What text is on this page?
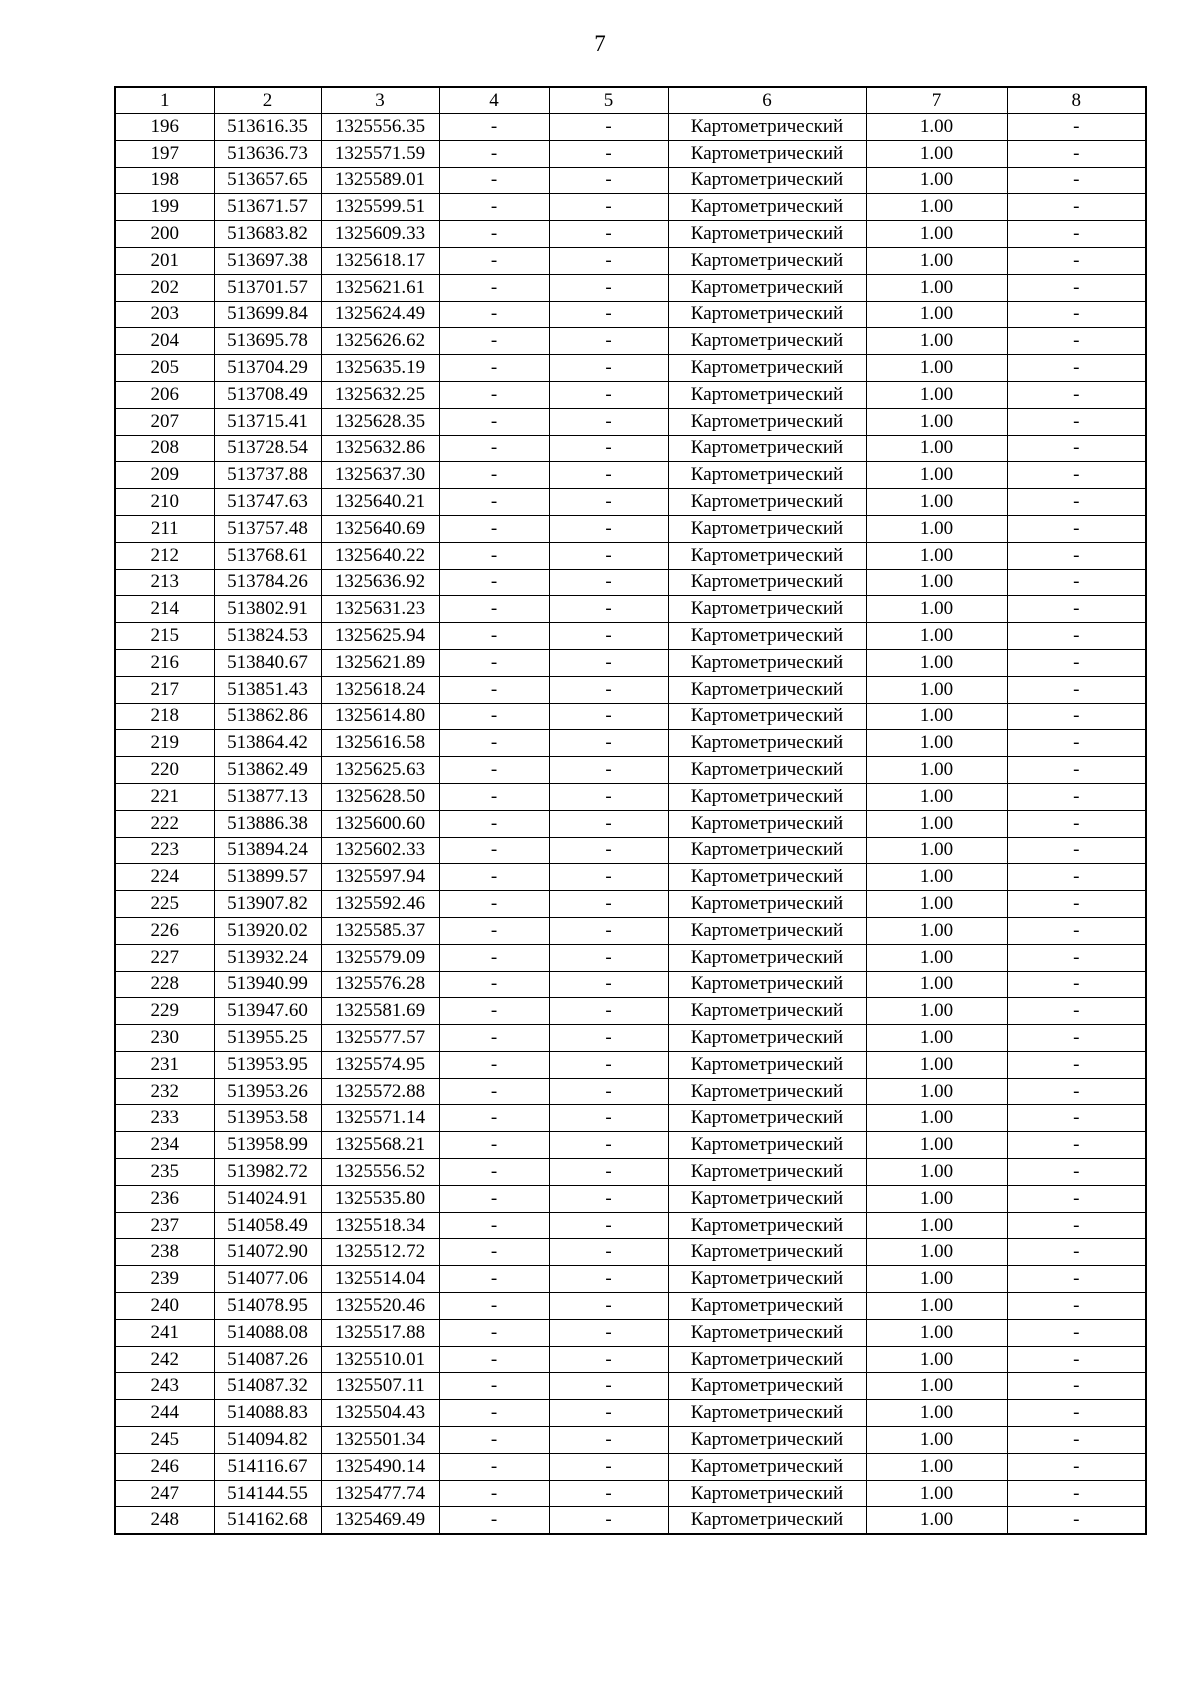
7
1	2	3	4	5	6	7	8
196	513616.35	1325556.35	-	-	Картометрический	1.00	-
197	513636.73	1325571.59	-	-	Картометрический	1.00	-
198	513657.65	1325589.01	-	-	Картометрический	1.00	-
199	513671.57	1325599.51	-	-	Картометрический	1.00	-
200	513683.82	1325609.33	-	-	Картометрический	1.00	-
201	513697.38	1325618.17	-	-	Картометрический	1.00	-
202	513701.57	1325621.61	-	-	Картометрический	1.00	-
203	513699.84	1325624.49	-	-	Картометрический	1.00	-
204	513695.78	1325626.62	-	-	Картометрический	1.00	-
205	513704.29	1325635.19	-	-	Картометрический	1.00	-
206	513708.49	1325632.25	-	-	Картометрический	1.00	-
207	513715.41	1325628.35	-	-	Картометрический	1.00	-
208	513728.54	1325632.86	-	-	Картометрический	1.00	-
209	513737.88	1325637.30	-	-	Картометрический	1.00	-
210	513747.63	1325640.21	-	-	Картометрический	1.00	-
211	513757.48	1325640.69	-	-	Картометрический	1.00	-
212	513768.61	1325640.22	-	-	Картометрический	1.00	-
213	513784.26	1325636.92	-	-	Картометрический	1.00	-
214	513802.91	1325631.23	-	-	Картометрический	1.00	-
215	513824.53	1325625.94	-	-	Картометрический	1.00	-
216	513840.67	1325621.89	-	-	Картометрический	1.00	-
217	513851.43	1325618.24	-	-	Картометрический	1.00	-
218	513862.86	1325614.80	-	-	Картометрический	1.00	-
219	513864.42	1325616.58	-	-	Картометрический	1.00	-
220	513862.49	1325625.63	-	-	Картометрический	1.00	-
221	513877.13	1325628.50	-	-	Картометрический	1.00	-
222	513886.38	1325600.60	-	-	Картометрический	1.00	-
223	513894.24	1325602.33	-	-	Картометрический	1.00	-
224	513899.57	1325597.94	-	-	Картометрический	1.00	-
225	513907.82	1325592.46	-	-	Картометрический	1.00	-
226	513920.02	1325585.37	-	-	Картометрический	1.00	-
227	513932.24	1325579.09	-	-	Картометрический	1.00	-
228	513940.99	1325576.28	-	-	Картометрический	1.00	-
229	513947.60	1325581.69	-	-	Картометрический	1.00	-
230	513955.25	1325577.57	-	-	Картометрический	1.00	-
231	513953.95	1325574.95	-	-	Картометрический	1.00	-
232	513953.26	1325572.88	-	-	Картометрический	1.00	-
233	513953.58	1325571.14	-	-	Картометрический	1.00	-
234	513958.99	1325568.21	-	-	Картометрический	1.00	-
235	513982.72	1325556.52	-	-	Картометрический	1.00	-
236	514024.91	1325535.80	-	-	Картометрический	1.00	-
237	514058.49	1325518.34	-	-	Картометрический	1.00	-
238	514072.90	1325512.72	-	-	Картометрический	1.00	-
239	514077.06	1325514.04	-	-	Картометрический	1.00	-
240	514078.95	1325520.46	-	-	Картометрический	1.00	-
241	514088.08	1325517.88	-	-	Картометрический	1.00	-
242	514087.26	1325510.01	-	-	Картометрический	1.00	-
243	514087.32	1325507.11	-	-	Картометрический	1.00	-
244	514088.83	1325504.43	-	-	Картометрический	1.00	-
245	514094.82	1325501.34	-	-	Картометрический	1.00	-
246	514116.67	1325490.14	-	-	Картометрический	1.00	-
247	514144.55	1325477.74	-	-	Картометрический	1.00	-
248	514162.68	1325469.49	-	-	Картометрический	1.00	-
